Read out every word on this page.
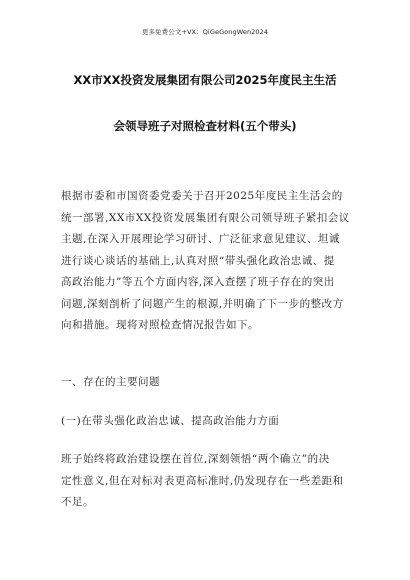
更多免费公文+VX：QiGeGongWen2024
XX市XX投资发展集团有限公司2025年度民主生活
会领导班子对照检查材料(五个带头)
根据市委和市国资委党委关于召开2025年度民主生活会的
统一部署,XX市XX投资发展集团有限公司领导班子紧扣会议
主题,在深入开展理论学习研讨、广泛征求意见建议、坦诚
进行谈心谈话的基础上,认真对照“带头强化政治忠诚、提
高政治能力”等五个方面内容,深入查摆了班子存在的突出
问题,深刻剖析了问题产生的根源,并明确了下一步的整改方
向和措施。现将对照检查情况报告如下。
一、存在的主要问题
(一)在带头强化政治忠诚、提高政治能力方面
班子始终将政治建设摆在首位,深刻领悟“两个确立”的决
定性意义,但在对标对表更高标准时,仍发现存在一些差距和
不足。
